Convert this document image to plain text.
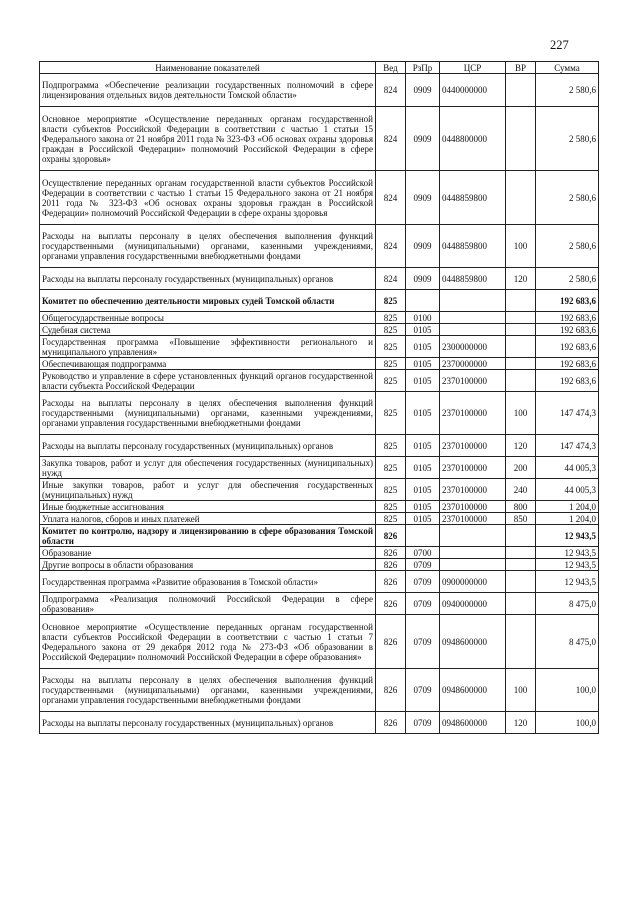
227
Наименование показателей	Вед	РзПр	ЦСР	ВР	Сумма
Подпрограмма «Обеспечение реализации государственных полномочий в сфере лицензирования отдельных видов деятельности Томской области»	824	0909	0440000000		2 580,6
Основное мероприятие «Осуществление переданных органам государственной власти субъектов Российской Федерации в соответствии с частью 1 статьи 15 Федерального закона от 21 ноября 2011 года № 323-ФЗ «Об основах охраны здоровья граждан в Российской Федерации» полномочий Российской Федерации в сфере охраны здоровья»	824	0909	0448800000		2 580,6
Осуществление переданных органам государственной власти субъектов Российской Федерации в соответствии с частью 1 статьи 15 Федерального закона от 21 ноября 2011 года № 323-ФЗ «Об основах охраны здоровья граждан в Российской Федерации» полномочий Российской Федерации в сфере охраны здоровья	824	0909	0448859800		2 580,6
Расходы на выплаты персоналу в целях обеспечения выполнения функций государственными (муниципальными) органами, казенными учреждениями, органами управления государственными внебюджетными фондами	824	0909	0448859800	100	2 580,6
Расходы на выплаты персоналу государственных (муниципальных) органов	824	0909	0448859800	120	2 580,6
Комитет по обеспечению деятельности мировых судей Томской области	825				192 683,6
Общегосударственные вопросы	825	0100			192 683,6
Судебная система	825	0105			192 683,6
Государственная программа «Повышение эффективности регионального и муниципального управления»	825	0105	2300000000		192 683,6
Обеспечивающая подпрограмма	825	0105	2370000000		192 683,6
Руководство и управление в сфере установленных функций органов государственной власти субъекта Российской Федерации	825	0105	2370100000		192 683,6
Расходы на выплаты персоналу в целях обеспечения выполнения функций государственными (муниципальными) органами, казенными учреждениями, органами управления государственными внебюджетными фондами	825	0105	2370100000	100	147 474,3
Расходы на выплаты персоналу государственных (муниципальных) органов	825	0105	2370100000	120	147 474,3
Закупка товаров, работ и услуг для обеспечения государственных (муниципальных) нужд	825	0105	2370100000	200	44 005,3
Иные закупки товаров, работ и услуг для обеспечения государственных (муниципальных) нужд	825	0105	2370100000	240	44 005,3
Иные бюджетные ассигнования	825	0105	2370100000	800	1 204,0
Уплата налогов, сборов и иных платежей	825	0105	2370100000	850	1 204,0
Комитет по контролю, надзору и лицензированию в сфере образования Томской области	826				12 943,5
Образование	826	0700			12 943,5
Другие вопросы в области образования	826	0709			12 943,5
Государственная программа «Развитие образования в Томской области»	826	0709	0900000000		12 943,5
Подпрограмма «Реализация полномочий Российской Федерации в сфере образования»	826	0709	0940000000		8 475,0
Основное мероприятие «Осуществление переданных органам государственной власти субъектов Российской Федерации в соответствии с частью 1 статьи 7 Федерального закона от 29 декабря 2012 года № 273-ФЗ «Об образовании в Российской Федерации» полномочий Российской Федерации в сфере образования»	826	0709	0948600000		8 475,0
Расходы на выплаты персоналу в целях обеспечения выполнения функций государственными (муниципальными) органами, казенными учреждениями, органами управления государственными внебюджетными фондами	826	0709	0948600000	100	100,0
Расходы на выплаты персоналу государственных (муниципальных) органов	826	0709	0948600000	120	100,0
